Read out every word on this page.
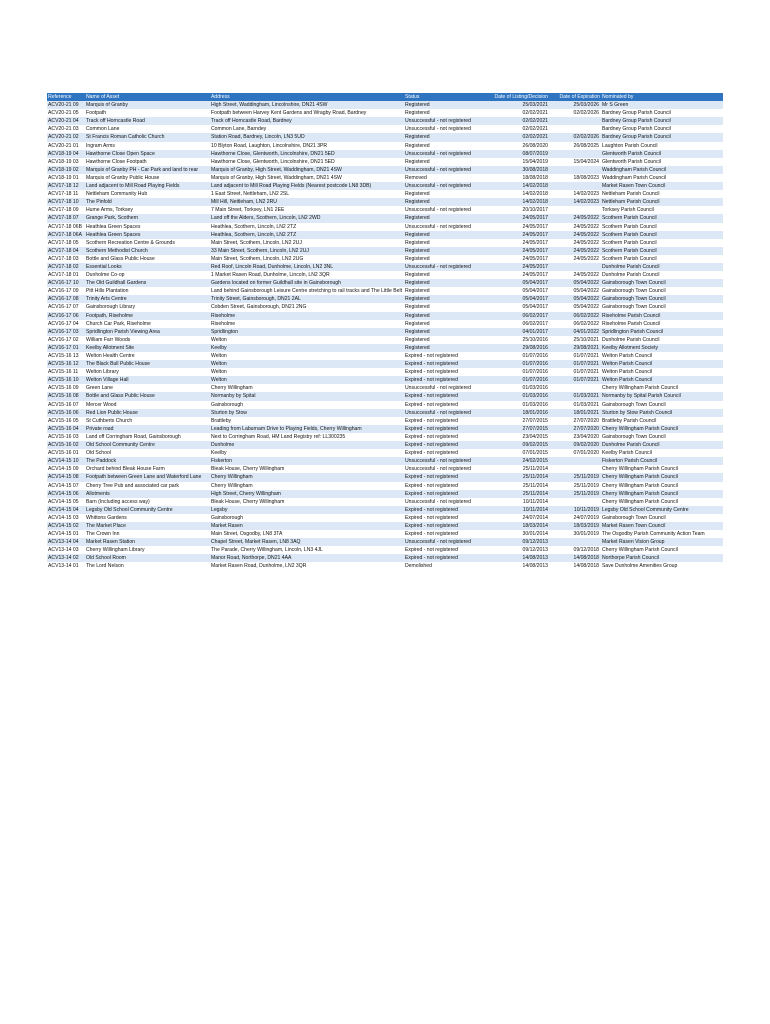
Reference	Name of Asset	Address	Status	Date of Listing/Decision	Date of Expiration	Nominated by
ACV20-21 09	Marquis of Granby	High Street, Waddingham, Lincolnshire, DN21 4SW	Registered	25/03/2021	25/03/2026	Mr S Green
ACV20-21 05	Footpath	Footpath between Harvey Kent Gardens and Wragby Road, Bardney	Registered	02/02/2021	02/02/2026	Bardney Group Parish Council
ACV20-21 04	Track off Horncastle Road	Track off Horncastle Road, Bardney	Unsuccessful - not registered	02/02/2021		Bardney Group Parish Council
ACV20-21 03	Common Lane	Common Lane, Barndey	Unsuccessful - not registered	02/02/2021		Bardney Group Parish Council
ACV20-21 02	St Francis Roman Catholic Church	Station Road, Bardney, Lincoln, LN3 5UD	Registered	02/02/2021	02/02/2026	Bardney Group Parish Council
ACV20-21 01	Ingram Arms	10 Blyton Road, Laughton, Lincolnshire, DN21 3PR	Registered	26/08/2020	26/08/2025	Laughton Parish Council
ACV18-19 04	Hawthorne Close Open Space	Hawthorne Close, Glentworth, Lincolnshire, DN21 5ED	Unsuccessful - not registered	08/07/2019		Glentworth Parish Council
ACV18-19 03	Hawthorne Close Footpath	Hawthorne Close, Glentworth, Lincolnshire, DN21 5ED	Registered	15/04/2019	15/04/2024	Glentworth Parish Council
ACV18-19 02	Marquis of Granby PH - Car Park and land to rear	Marquis of Granby, High Street, Waddingham, DN21 4SW	Unsuccessful - not registered	30/08/2018		Waddingham Parish Council
ACV18-19 01	Marquis of Granby Public House	Marquis of Granby, High Street, Waddingham, DN21 4SW	Removed	18/08/2018	18/08/2023	Waddingham Parish Council
ACV17-18 12	Land adjacent to Mill Road Playing Fields	Land adjacent to Mill Road Playing Fields (Nearest postcode LN8 3DB)	Unsuccessful - not registered	14/02/2018		Market Rasen Town Council
ACV17-18 11	Nettleham Community Hub	1 East Street, Nettleham, LN2 2SL	Registered	14/02/2018	14/02/2023	Nettleham Parish Council
ACV17-18 10	The Pinfold	Mill Hill, Nettleham, LN2 2RU	Registered	14/02/2018	14/02/2023	Nettleham Parish Council
ACV17-18 09	Hume Arms, Torksey	7 Main Street, Torksey, LN1 2EE	Unsuccessful - not registered	20/10/2017		Torksey Parish Council
ACV17-18 07	Grange Park, Scothern	Land off the Alders, Scothern, Lincoln, LN2 2WD	Registered	24/05/2017	24/05/2022	Scothern Parish Council
ACV17-18 06B	Heathlea Green Spaces	Heathlea, Scothern, Lincoln, LN2 2TZ	Unsuccessful - not registered	24/05/2017	24/05/2022	Scothern Parish Council
ACV17-18 06A	Heathlea Green Spaces	Heathlea, Scothern, Lincoln, LN2 2TZ	Registered	24/05/2017	24/05/2022	Scothern Parish Council
ACV17-18 05	Scothern Recreation Centre & Grounds	Main Street, Scothern, Lincoln, LN2 2UJ	Registered	24/05/2017	24/05/2022	Scothern Parish Council
ACV17-18 04	Scothern Methodist Church	33 Main Street, Scothern, Lincoln, LN2 2UJ	Registered	24/05/2017	24/05/2022	Scothern Parish Council
ACV17-18 03	Bottle and Glass Public House	Main Street, Scothern, Lincoln, LN2 2UG	Registered	24/05/2017	24/05/2022	Scothern Parish Council
ACV17-18 02	Essential Looks	Red Roof, Lincoln Road, Dunholme, Lincoln, LN2 3NL	Unsuccessful - not registered	24/05/2017		Dunholme Parish Council
ACV17-18 01	Dunholme Co-op	1 Market Rasen Road, Dunholme, Lincoln, LN2 3QR	Registered	24/05/2017	24/05/2022	Dunholme Parish Council
ACV16-17 10	The Old Guildhall Gardens	Gardens located on former Guildhall site in Gainsborough	Registered	05/04/2017	05/04/2022	Gainsborough Town Council
ACV16-17 09	Pitt Hills Plantation	Land behind Gainsborough Leisure Centre stretching to rail tracks and The Little Belt	Registered	05/04/2017	05/04/2022	Gainsborough Town Council
ACV16-17 08	Trinity Arts Centre	Trinity Street, Gainsborough, DN21 2AL	Registered	05/04/2017	05/04/2022	Gainsborough Town Council
ACV16-17 07	Gainsborough Library	Cobden Street, Gainsborough, DN21 2NG	Registered	05/04/2017	05/04/2022	Gainsborough Town Council
ACV16-17 06	Footpath, Riseholme	Riseholme	Registered	06/02/2017	06/02/2022	Riseholme Parish Council
ACV16-17 04	Church Car Park, Riseholme	Riseholme	Registered	06/02/2017	06/02/2022	Riseholme Parish Council
ACV16-17 03	Spridlington Parish Viewing Area	Spridlington	Registered	04/01/2017	04/01/2022	Spridlington Parish Council
ACV16-17 02	William Farr Woods	Welton	Registered	25/10/2016	25/10/2021	Dunholme Parish Council
ACV16-17 01	Keelby Allotment Site	Keelby	Registered	29/08/2016	29/08/2021	Keelby Allotment Society
ACV15-16 13	Welton Health Centre	Welton	Expired - not registered	01/07/2016	01/07/2021	Welton Parish Council
ACV15-16 12	The Black Bull Public House	Welton	Expired - not registered	01/07/2016	01/07/2021	Welton Parish Council
ACV15-16 11	Welton Library	Welton	Expired - not registered	01/07/2016	01/07/2021	Welton Parish Council
ACV15-16 10	Welton Village Hall	Welton	Expired - not registered	01/07/2016	01/07/2021	Welton Parish Council
ACV15-16 09	Green Lane	Cherry Willingham	Unsuccessful - not registered	01/03/2016		Cherry Willingham Parish Council
ACV15-16 08	Bottle and Glass Public House	Normanby by Spital	Expired - not registered	01/03/2016	01/03/2021	Normanby by Spital Parish Council
ACV15-16 07	Mercer Wood	Gainsborough	Expired - not registered	01/03/2016	01/03/2021	Gainsborough Town Council
ACV15-16 06	Red Lion Public House	Sturton by Stow	Unsuccessful - not registered	18/01/2016	18/01/2021	Sturton by Stow Parish Council
ACV15-16 05	St Cuthberts Church	Brattleby	Expired - not registered	27/07/2015	27/07/2020	Brattleby Parish Council
ACV15-16 04	Private road	Leading from Laburnam Drive to Playing Fields, Cherry Willingham	Expired - not registered	27/07/2015	27/07/2020	Cherry Willingham Parish Council
ACV15-16 03	Land off Corringham Road, Gainsborough	Next to Corringham Road, HM Land Registry ref: LL300235	Expired - not registered	23/04/2015	23/04/2020	Gainsborough Town Council
ACV15-16 02	Old School Community Centre	Dunholme	Expired - not registered	09/02/2015	09/02/2020	Dunholme Parish Council
ACV15-16 01	Old School	Keelby	Expired - not registered	07/01/2015	07/01/2020	Keelby Parish Council
ACV14-15 10	The Paddock	Fiskerton	Unsuccessful - not registered	24/02/2015		Fiskerton Parish Council
ACV14-15 09	Orchard behind Bleak House Farm	Bleak House, Cherry Willingham	Unsuccessful - not registered	25/11/2014		Cherry Willingham Parish Council
ACV14-15 08	Footpath between Green Lane and Waterford Lane	Cherry Willingham	Expired - not registered	25/11/2014	25/11/2019	Cherry Willingham Parish Council
ACV14-15 07	Cherry Tree Pub and associated car park	Cherry Willingham	Expired - not registered	25/11/2014	25/11/2019	Cherry Willingham Parish Council
ACV14-15 06	Allotments	High Street, Cherry Willingham	Expired - not registered	25/11/2014	25/11/2019	Cherry Willingham Parish Council
ACV14-15 05	Barn (Including access way)	Bleak House, Cherry Willingham	Unsuccessful - not registered	10/11/2014		Cherry Willingham Parish Council
ACV14-15 04	Legsby Old School Community Centre	Legsby	Expired - not registered	10/11/2014	10/11/2019	Legsby Old School Community Centre
ACV14-15 03	Whittons Gardens	Gainsborough	Expired - not registered	24/07/2014	24/07/2019	Gainsborough Town Council
ACV14-15 02	The Market Place	Market Rasen	Expired - not registered	18/03/2014	18/03/2019	Market Rasen Town Council
ACV14-15 01	The Crown Inn	Main Street, Osgodby, LN8 3TA	Expired - not registered	30/01/2014	30/01/2019	The Osgodby Parish Community Action Team
ACV13-14 04	Market Rasen Station	Chapel Street, Market Rasen, LN8 3AQ	Unsuccessful - not registered	09/12/2013		Market Rasen Vision Group
ACV13-14 03	Cherry Willingham Library	The Parade, Cherry Willingham, Lincoln, LN3 4JL	Expired - not registered	09/12/2013	09/12/2018	Cherry Willingham Parish Council
ACV13-14 02	Old School Room	Manor Road, Northorpe, DN21 4AA	Expired - not registered	14/08/2013	14/08/2018	Northorpe Parish Council
ACV13-14 01	The Lord Nelson	Market Rasen Road, Dunholme, LN2 3QR	Demolished	14/08/2013	14/08/2018	Save Dunholme Amenities Group
